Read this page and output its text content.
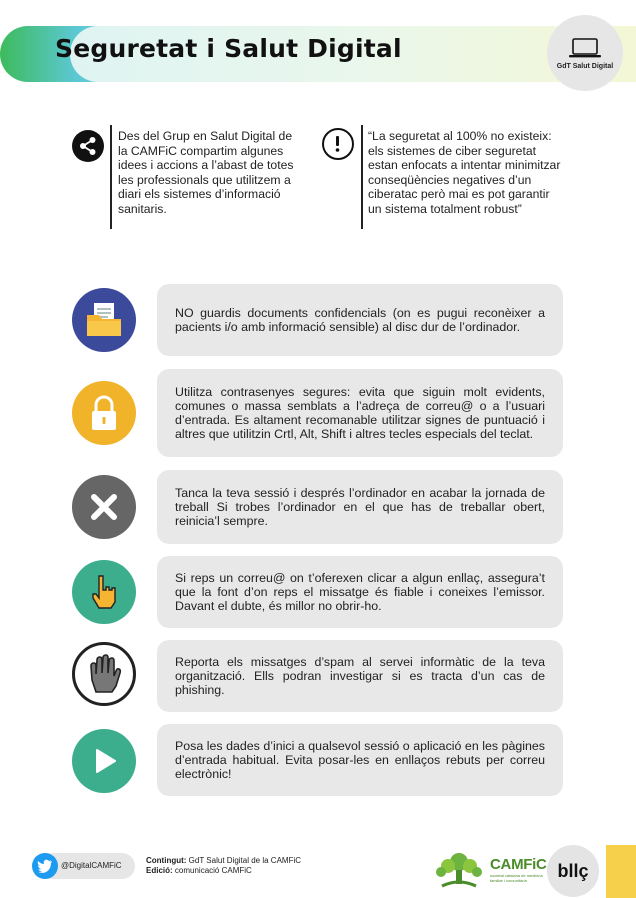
Seguretat i Salut Digital
GdT Salut Digital
Des del Grup en Salut Digital de la CAMFiC compartim algunes idees i accions a l’abast de totes les professionals que utilitzem a diari els sistemes d’informació sanitaris.
“La seguretat al 100% no existeix: els sistemes de ciber seguretat estan enfocats a intentar minimitzar conseqüències negatives d’un ciberatac però mai es pot garantir un sistema totalment robust”
NO guardis documents confidencials (on es pugui reconèixer a pacients i/o amb informació sensible) al disc dur de l’ordinador.
Utilitza contrasenyes segures: evita que siguin molt evidents, comunes o massa semblats a l’adreça de correu@ o a l’usuari d’entrada. Es altament recomanable utilitzar signes de puntuació i altres que utilitzin Crtl, Alt, Shift i altres tecles especials del teclat.
Tanca la teva sessió i després l’ordinador en acabar la jornada de treball Si trobes l’ordinador en el que has de treballar obert, reinicia’l sempre.
Si reps un correu@ on t’oferexen clicar a algun enllaç, assegura’t que la font d’on reps el missatge és fiable i coneixes l’emissor. Davant el dubte, és millor no obrir-ho.
Reporta els missatges d’spam al servei informàtic de la teva organització. Ells podran investigar si es tracta d’un cas de phishing.
Posa les dades d’inici a qualsevol sessió o aplicació en les pàgines d’entrada habitual. Evita posar-les en enllaços rebuts per correu electrònic!
@DigitalCAMFiC
Contingut: GdT Salut Digital de la CAMFiC
Edició: comunicació CAMFiC	CAMFiC
societat catalana de medicina familiar i comunitària	bllç
